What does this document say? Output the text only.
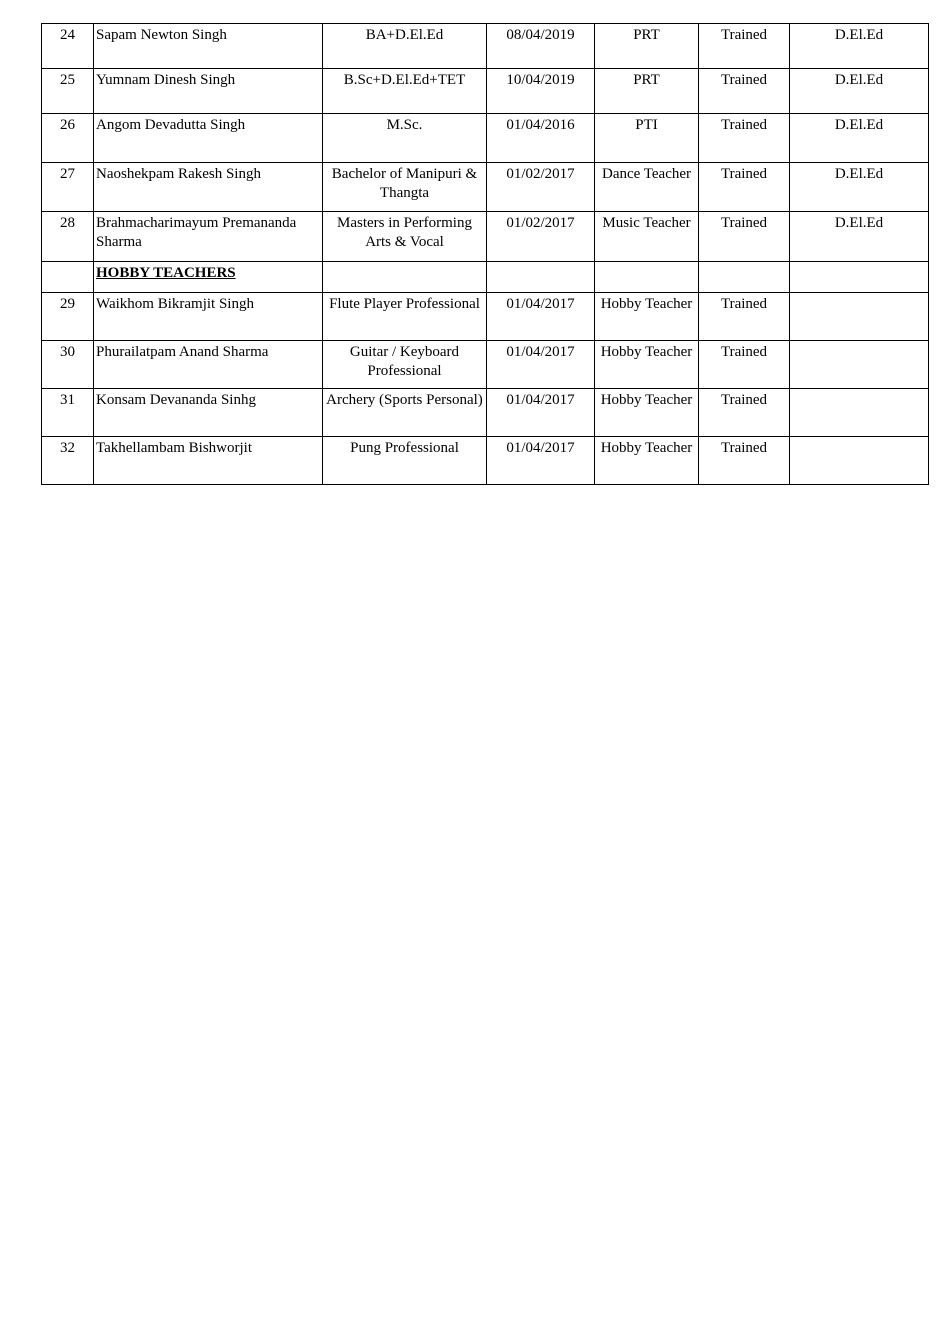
24	Sapam Newton Singh	BA+D.El.Ed	08/04/2019	PRT	Trained	D.El.Ed
25	Yumnam Dinesh Singh	B.Sc+D.El.Ed+TET	10/04/2019	PRT	Trained	D.El.Ed
26	Angom Devadutta Singh	M.Sc.	01/04/2016	PTI	Trained	D.El.Ed
27	Naoshekpam Rakesh Singh	Bachelor of Manipuri & Thangta	01/02/2017	Dance Teacher	Trained	D.El.Ed
28	Brahmacharimayum Premananda Sharma	Masters in Performing Arts & Vocal	01/02/2017	Music Teacher	Trained	D.El.Ed
	HOBBY TEACHERS					
29	Waikhom Bikramjit Singh	Flute Player Professional	01/04/2017	Hobby Teacher	Trained	
30	Phurailatpam Anand Sharma	Guitar / Keyboard Professional	01/04/2017	Hobby Teacher	Trained	
31	Konsam Devananda Sinhg	Archery (Sports Personal)	01/04/2017	Hobby Teacher	Trained	
32	Takhellambam Bishworjit	Pung Professional	01/04/2017	Hobby Teacher	Trained	
